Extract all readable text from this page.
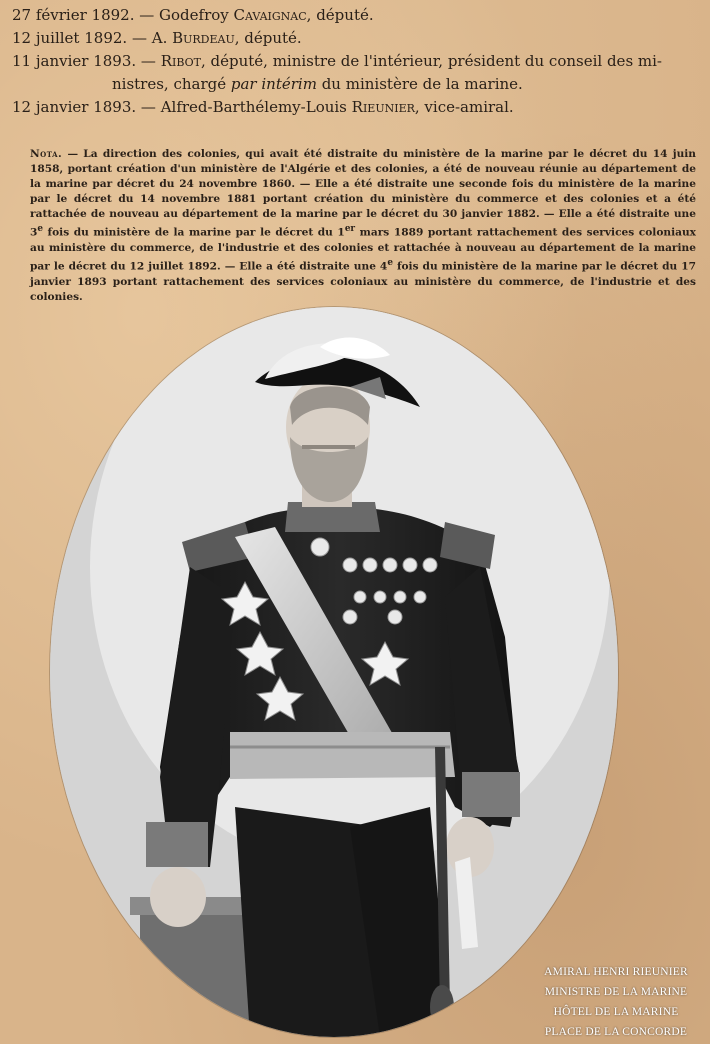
27 février 1892. — Godefroy Cavaignac, député.

12 juillet 1892. — A. Burdeau, député.

11 janvier 1893. — Ribot, député, ministre de l'intérieur, président du conseil des mi-

nistres, chargé par intérim du ministère de la marine.

12 janvier 1893. — Alfred-Barthélemy-Louis Rieunier, vice-amiral.

Nota. — La direction des colonies, qui avait été distraite du ministère de la marine par le décret du 14 juin 1858, portant création d'un ministère de l'Algérie et des colonies, a été de nouveau réunie au département de la marine par décret du 24 novembre 1860. — Elle a été distraite une seconde fois du ministère de la marine par le décret du 14 novembre 1881 portant création du ministère du commerce et des colonies et a été rattachée de nouveau au département de la marine par le décret du 30 janvier 1882. — Elle a été distraite une 3e fois du ministère de la marine par le décret du 1er mars 1889 portant rattachement des services coloniaux au ministère du commerce, de l'industrie et des colonies et rattachée à nouveau au département de la marine par le décret du 12 juillet 1892. — Elle a été distraite une 4e fois du ministère de la marine par le décret du 17 janvier 1893 portant rattachement des services coloniaux au ministère du commerce, de l'industrie et des colonies.
AMIRAL HENRI RIEUNIER
MINISTRE DE LA MARINE
HÔTEL DE LA MARINE
PLACE DE LA CONCORDE
